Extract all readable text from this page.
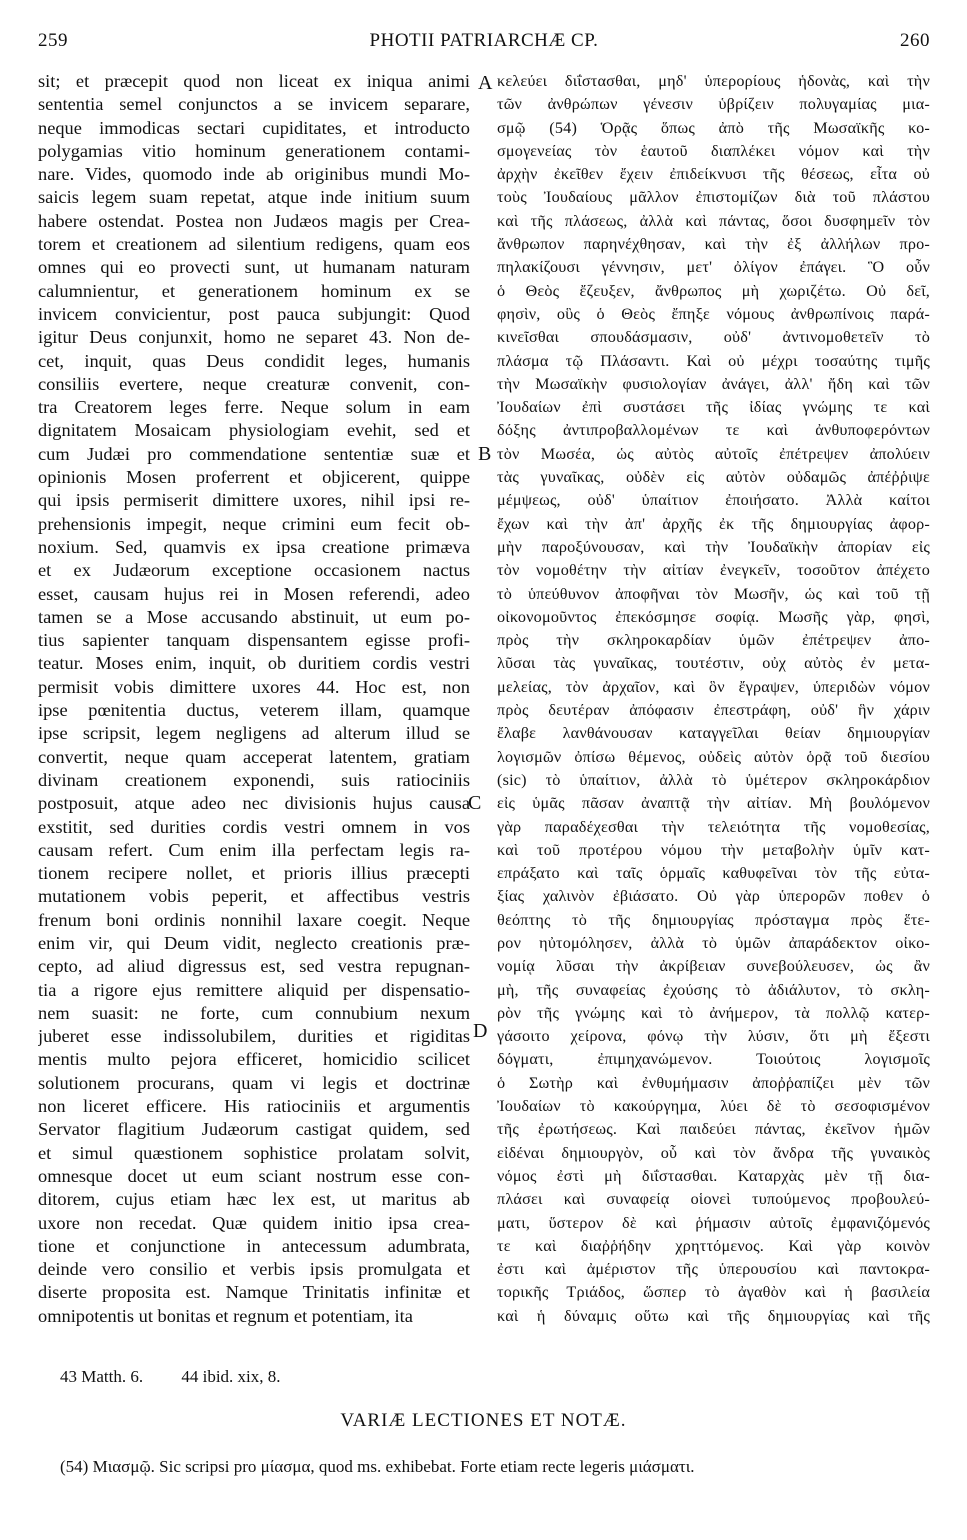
259	PHOTII PATRIARCHÆ CP.	260
sit; et præcepit quod non liceat ex iniqua animi
sententia semel conjunctos a se invicem separare,
neque immodicas sectari cupiditates, et introducto
polygamias vitio hominum generationem contami-
nare. Vides, quomodo inde ab originibus mundi Mo-
saicis legem suam repetat, atque inde initium suum
habere ostendat. Postea non Judæos magis per Crea-
torem et creationem ad silentium redigens, quam eos
omnes qui eo provecti sunt, ut humanam naturam
calumnientur, et generationem hominum ex se
invicem convicientur, post pauca subjungit: Quod
igitur Deus conjunxit, homo ne separet 43. Non de-
cet, inquit, quas Deus condidit leges, humanis
consiliis evertere, neque creaturæ convenit, con-
tra Creatorem leges ferre. Neque solum in eam
dignitatem Mosaicam physiologiam evehit, sed et
cum Judæi pro commendatione sententiæ suæ et
opinionis Mosen proferrent et objicerent, quippe
qui ipsis permiserit dimittere uxores, nihil ipsi re-
prehensionis impegit, neque crimini eum fecit ob-
noxium. Sed, quamvis ex ipsa creatione primæva
et ex Judæorum exceptione occasionem nactus
esset, causam hujus rei in Mosen referendi, adeo
tamen se a Mose accusando abstinuit, ut eum po-
tius sapienter tanquam dispensantem egisse profi-
teatur. Moses enim, inquit, ob duritiem cordis vestri
permisit vobis dimittere uxores 44. Hoc est, non
ipse pœnitentia ductus, veterem illam, quamque
ipse scripsit, legem negligens ad alterum illud se
convertit, neque quam acceperat latentem, gratiam
divinam creationem exponendi, suis ratiociniis
postposuit, atque adeo nec divisionis hujus causa
exstitit, sed durities cordis vestri omnem in vos
causam refert. Cum enim illa perfectam legis ra-
tionem recipere nollet, et prioris illius præcepti
mutationem vobis peperit, et affectibus vestris
frenum boni ordinis nonnihil laxare coegit. Neque
enim vir, qui Deum vidit, neglecto creationis præ-
cepto, ad aliud digressus est, sed vestra repugnan-
tia a rigore ejus remittere aliquid per dispensatio-
nem suasit: ne forte, cum connubium nexum
juberet esse indissolubilem, durities et rigiditas
mentis multo pejora efficeret, homicidio scilicet
solutionem procurans, quam vi legis et doctrinæ
non liceret efficere. His ratiociniis et argumentis
Servator flagitium Judæorum castigat quidem, sed
et simul quæstionem sophistice prolatam solvit,
omnesque docet ut eum sciant nostrum esse con-
ditorem, cujus etiam hæc lex est, ut maritus ab
uxore non recedat. Quæ quidem initio ipsa crea-
tione et conjunctione in antecessum adumbrata,
deinde vero consilio et verbis ipsis promulgata et
diserte proposita est. Namque Trinitatis infinitæ et
omnipotentis ut bonitas et regnum et potentiam, ita
κελεύει διΐστασθαι, μηδ' ὑπερορίους ἡδονὰς, καὶ τὴν
τῶν ἀνθρώπων γένεσιν ὑβρίζειν πολυγαμίας μια-
σμῷ (54) Ὁρᾷς ὅπως ἀπὸ τῆς Μωσαϊκῆς κο-
σμογενείας τὸν ἑαυτοῦ διαπλέκει νόμον καὶ τὴν
ἀρχὴν ἐκεῖθεν ἔχειν ἐπιδείκνυσι τῆς θέσεως, εἶτα οὐ
τοὺς Ἰουδαίους μᾶλλον ἐπιστομίζων διὰ τοῦ πλάστου
καὶ τῆς πλάσεως, ἀλλὰ καὶ πάντας, ὅσοι δυσφημεῖν τὸν
ἄνθρωπον παρηνέχθησαν, καὶ τὴν ἐξ ἀλλήλων προ-
πηλακίζουσι γέννησιν, μετ' ὀλίγον ἐπάγει. Ὃ οὖν
ὁ Θεὸς ἔζευξεν, ἄνθρωπος μὴ χωριζέτω. Οὐ δεῖ,
φησὶν, οὓς ὁ Θεὸς ἔπηξε νόμους ἀνθρωπίνοις παρά-
κινεῖσθαι σπουδάσμασιν, οὐδ' ἀντινομοθετεῖν τὸ
πλάσμα τῷ Πλάσαντι. Καὶ οὐ μέχρι τοσαύτης τιμῆς
τὴν Μωσαϊκὴν φυσιολογίαν ἀνάγει, ἀλλ' ἤδη καὶ τῶν
Ἰουδαίων ἐπὶ συστάσει τῆς ἰδίας γνώμης τε καὶ
δόξης ἀντιπροβαλλομένων τε καὶ ἀνθυποφερόντων
τὸν Μωσέα, ὡς αὐτὸς αὐτοῖς ἐπέτρεψεν ἀπολύειν
τὰς γυναῖκας, οὐδὲν εἰς αὐτὸν οὐδαμῶς ἀπέῤῥιψε
μέμψεως, οὐδ' ὑπαίτιον ἐποιήσατο. Ἀλλὰ καίτοι
ἔχων καὶ τὴν ἀπ' ἀρχῆς ἐκ τῆς δημιουργίας ἀφορ-
μὴν παροξύνουσαν, καὶ τὴν Ἰουδαϊκὴν ἀπορίαν εἰς
τὸν νομοθέτην τὴν αἰτίαν ἐνεγκεῖν, τοσοῦτον ἀπέχετο
τὸ ὑπεύθυνον ἀποφῆναι τὸν Μωσῆν, ὡς καὶ τοῦ τῇ
οἰκονομοῦντος ἐπεκόσμησε σοφίᾳ. Μωσῆς γὰρ, φησὶ,
πρὸς τὴν σκληροκαρδίαν ὑμῶν ἐπέτρεψεν ἀπο-
λῦσαι τὰς γυναῖκας, τουτέστιν, οὐχ αὐτὸς ἐν μετα-
μελείας, τὸν ἀρχαῖον, καὶ ὃν ἔγραψεν, ὑπεριδὼν νόμον
πρὸς δευτέραν ἀπόφασιν ἐπεστράφη, οὐδ' ἣν χάριν
ἔλαβε λανθάνουσαν καταγγεῖλαι θείαν δημιουργίαν
λογισμῶν ὀπίσω θέμενος, οὐδεὶς αὐτὸν ὁρᾷ τοῦ διεσίου
(sic) τὸ ὑπαίτιον, ἀλλὰ τὸ ὑμέτερον σκληροκάρδιον
εἰς ὑμᾶς πᾶσαν ἀναπτᾷ τὴν αἰτίαν. Μὴ βουλόμενον
γὰρ παραδέχεσθαι τὴν τελειότητα τῆς νομοθεσίας,
καὶ τοῦ προτέρου νόμου τὴν μεταβολὴν ὑμῖν κατ-
επράξατο καὶ ταῖς ὁρμαῖς καθυφεῖναι τὸν τῆς εὐτα-
ξίας χαλινὸν ἐβιάσατο. Οὐ γὰρ ὑπερορῶν ποθεν ὁ
θεόπτης τὸ τῆς δημιουργίας πρόσταγμα πρὸς ἕτε-
ρον ηὐτομόλησεν, ἀλλὰ τὸ ὑμῶν ἀπαράδεκτον οἰκο-
νομίᾳ λῦσαι τὴν ἀκρίβειαν συνεβούλευσεν, ὡς ἂν
μὴ, τῆς συναφείας ἐχούσης τὸ ἀδιάλυτον, τὸ σκλη-
ρὸν τῆς γνώμης καὶ τὸ ἀνήμερον, τὰ πολλῷ κατερ-
γάσοιτο χείρονα, φόνῳ τὴν λύσιν, ὅτι μὴ ἔξεστι
δόγματι, ἐπιμηχανώμενον. Τοιούτοις λογισμοῖς
ὁ Σωτὴρ καὶ ἐνθυμήμασιν ἀποῤῥαπίζει μὲν τῶν
Ἰουδαίων τὸ κακούργημα, λύει δὲ τὸ σεσοφισμένον
τῆς ἐρωτήσεως. Καὶ παιδεύει πάντας, ἐκεῖνον ἡμῶν
εἰδέναι δημιουργὸν, οὗ καὶ τὸν ἄνδρα τῆς γυναικὸς
νόμος ἐστὶ μὴ διΐστασθαι. Καταρχὰς μὲν τῇ δια-
πλάσει καὶ συναφείᾳ οἱονεὶ τυπούμενος προβουλεύ-
ματι, ὕστερον δὲ καὶ ῥήμασιν αὐτοῖς ἐμφανιζόμενός
τε καὶ διαῤῥήδην χρηττόμενος. Καὶ γὰρ κοινὸν
ἐστι καὶ ἀμέριστον τῆς ὑπερουσίου καὶ παντοκρα-
τορικῆς Τριάδος, ὥσπερ τὸ ἀγαθὸν καὶ ἡ βασιλεία
καὶ ἡ δύναμις οὕτω καὶ τῆς δημιουργίας καὶ τῆς
A
B
C
D
43 Matth. 6. 44 ibid. xix, 8.
VARIÆ LECTIONES ET NOTÆ.
(54) Μιασμῷ. Sic scripsi pro μίασμα, quod ms. exhibebat. Forte etiam recte legeris μιάσματι.
